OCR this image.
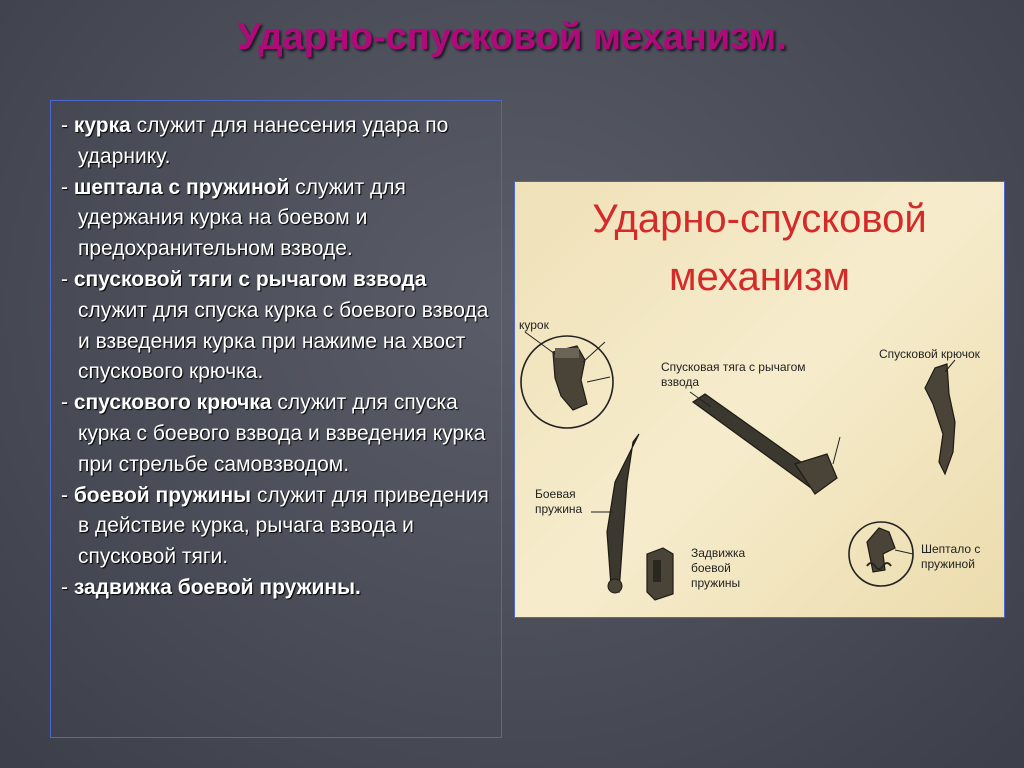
Ударно-спусковой механизм.

- курка служит для нанесения удара по ударнику.

- шептала с пружиной служит для удержания курка на боевом и предохранительном взводе.

- спусковой тяги с рычагом взвода служит для спуска курка с боевого взвода и взведения курка при нажиме на хвост спускового крючка.

- спускового крючка служит для спуска курка с боевого взвода и взведения курка при стрельбе самовзводом.

- боевой пружины служит для приведения в действие курка, рычага взвода и спусковой тяги.

- задвижка боевой пружины.

Ударно-спусковой
механизм
курок
Спусковая тяга с рычагом
взвода
Спусковой крючок
Боевая
пружина
Задвижка
боевой
пружины
Шептало с
пружиной
